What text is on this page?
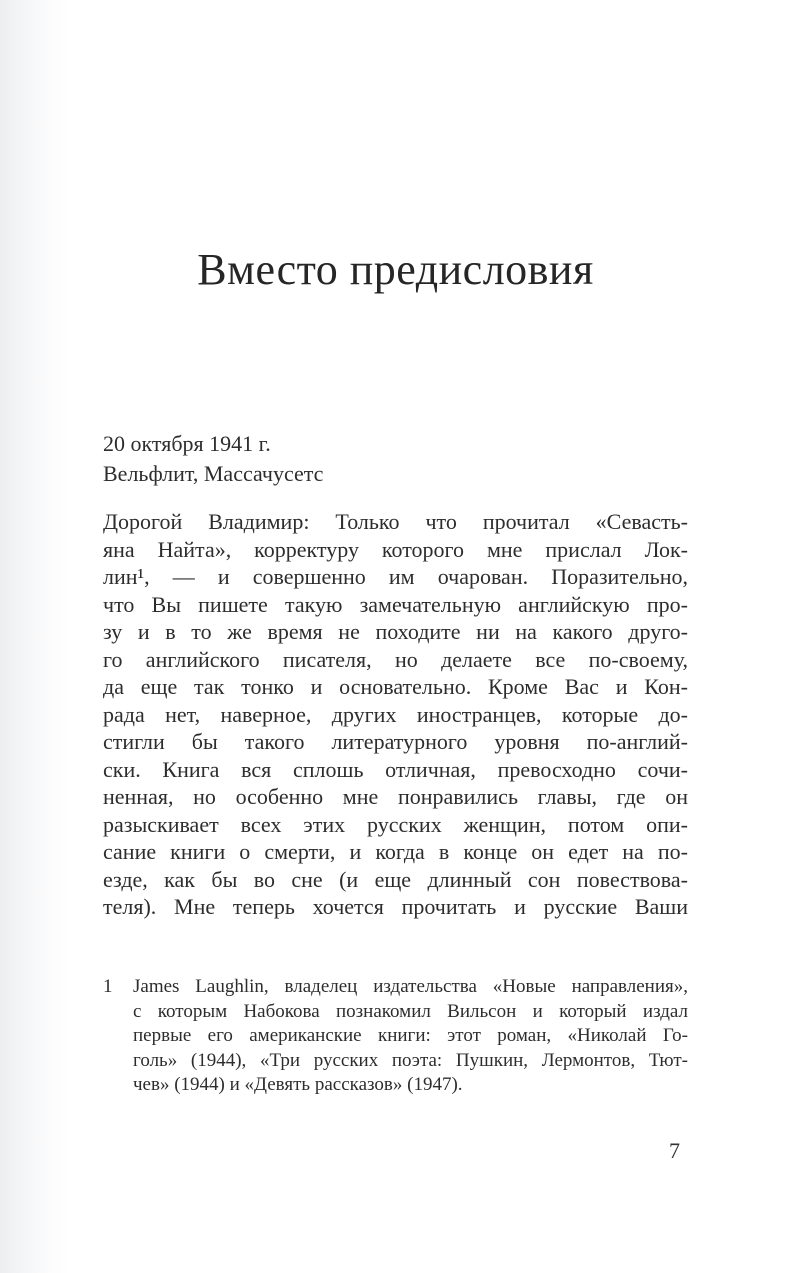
Вместо предисловия
20 октября 1941 г.
Вельфлит, Массачусетс
Дорогой Владимир: Только что прочитал «Севасть-
яна Найта», корректуру которого мне прислал Лок-
лин¹, — и совершенно им очарован. Поразительно,
что Вы пишете такую замечательную английскую про-
зу и в то же время не походите ни на какого друго-
го английского писателя, но делаете все по-своему,
да еще так тонко и основательно. Кроме Вас и Кон-
рада нет, наверное, других иностранцев, которые до-
стигли бы такого литературного уровня по-англий-
ски. Книга вся сплошь отличная, превосходно сочи-
ненная, но особенно мне понравились главы, где он
разыскивает всех этих русских женщин, потом опи-
сание книги о смерти, и когда в конце он едет на по-
езде, как бы во сне (и еще длинный сон повествова-
теля). Мне теперь хочется прочитать и русские Ваши
1	James Laughlin, владелец издательства «Новые направления»,
с которым Набокова познакомил Вильсон и который издал
первые его американские книги: этот роман, «Николай Го-
голь» (1944), «Три русских поэта: Пушкин, Лермонтов, Тют-
чев» (1944) и «Девять рассказов» (1947).
7
